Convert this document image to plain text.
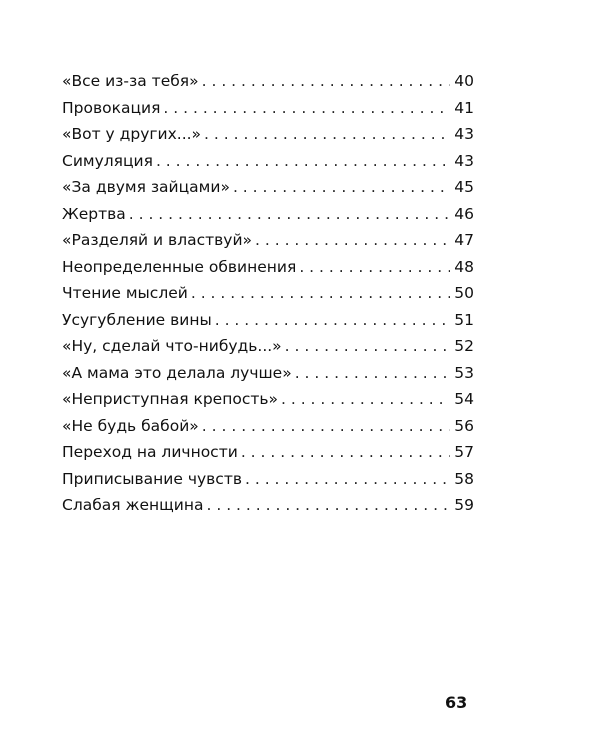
«Все из-за тебя» . . .	40
Провокация . . .	41
«Вот у других...» . . .	43
Симуляция . . .	43
«За двумя зайцами» . . .	45
Жертва . . .	46
«Разделяй и властвуй» . . .	47
Неопределенные обвинения . . .	48
Чтение мыслей . . .	50
Усугубление вины . . .	51
«Ну, сделай что-нибудь...» . . .	52
«А мама это делала лучше» . . .	53
«Неприступная крепость» . . .	54
«Не будь бабой» . . .	56
Переход на личности . . .	57
Приписывание чувств . . .	58
Слабая женщина . . .	59
63
